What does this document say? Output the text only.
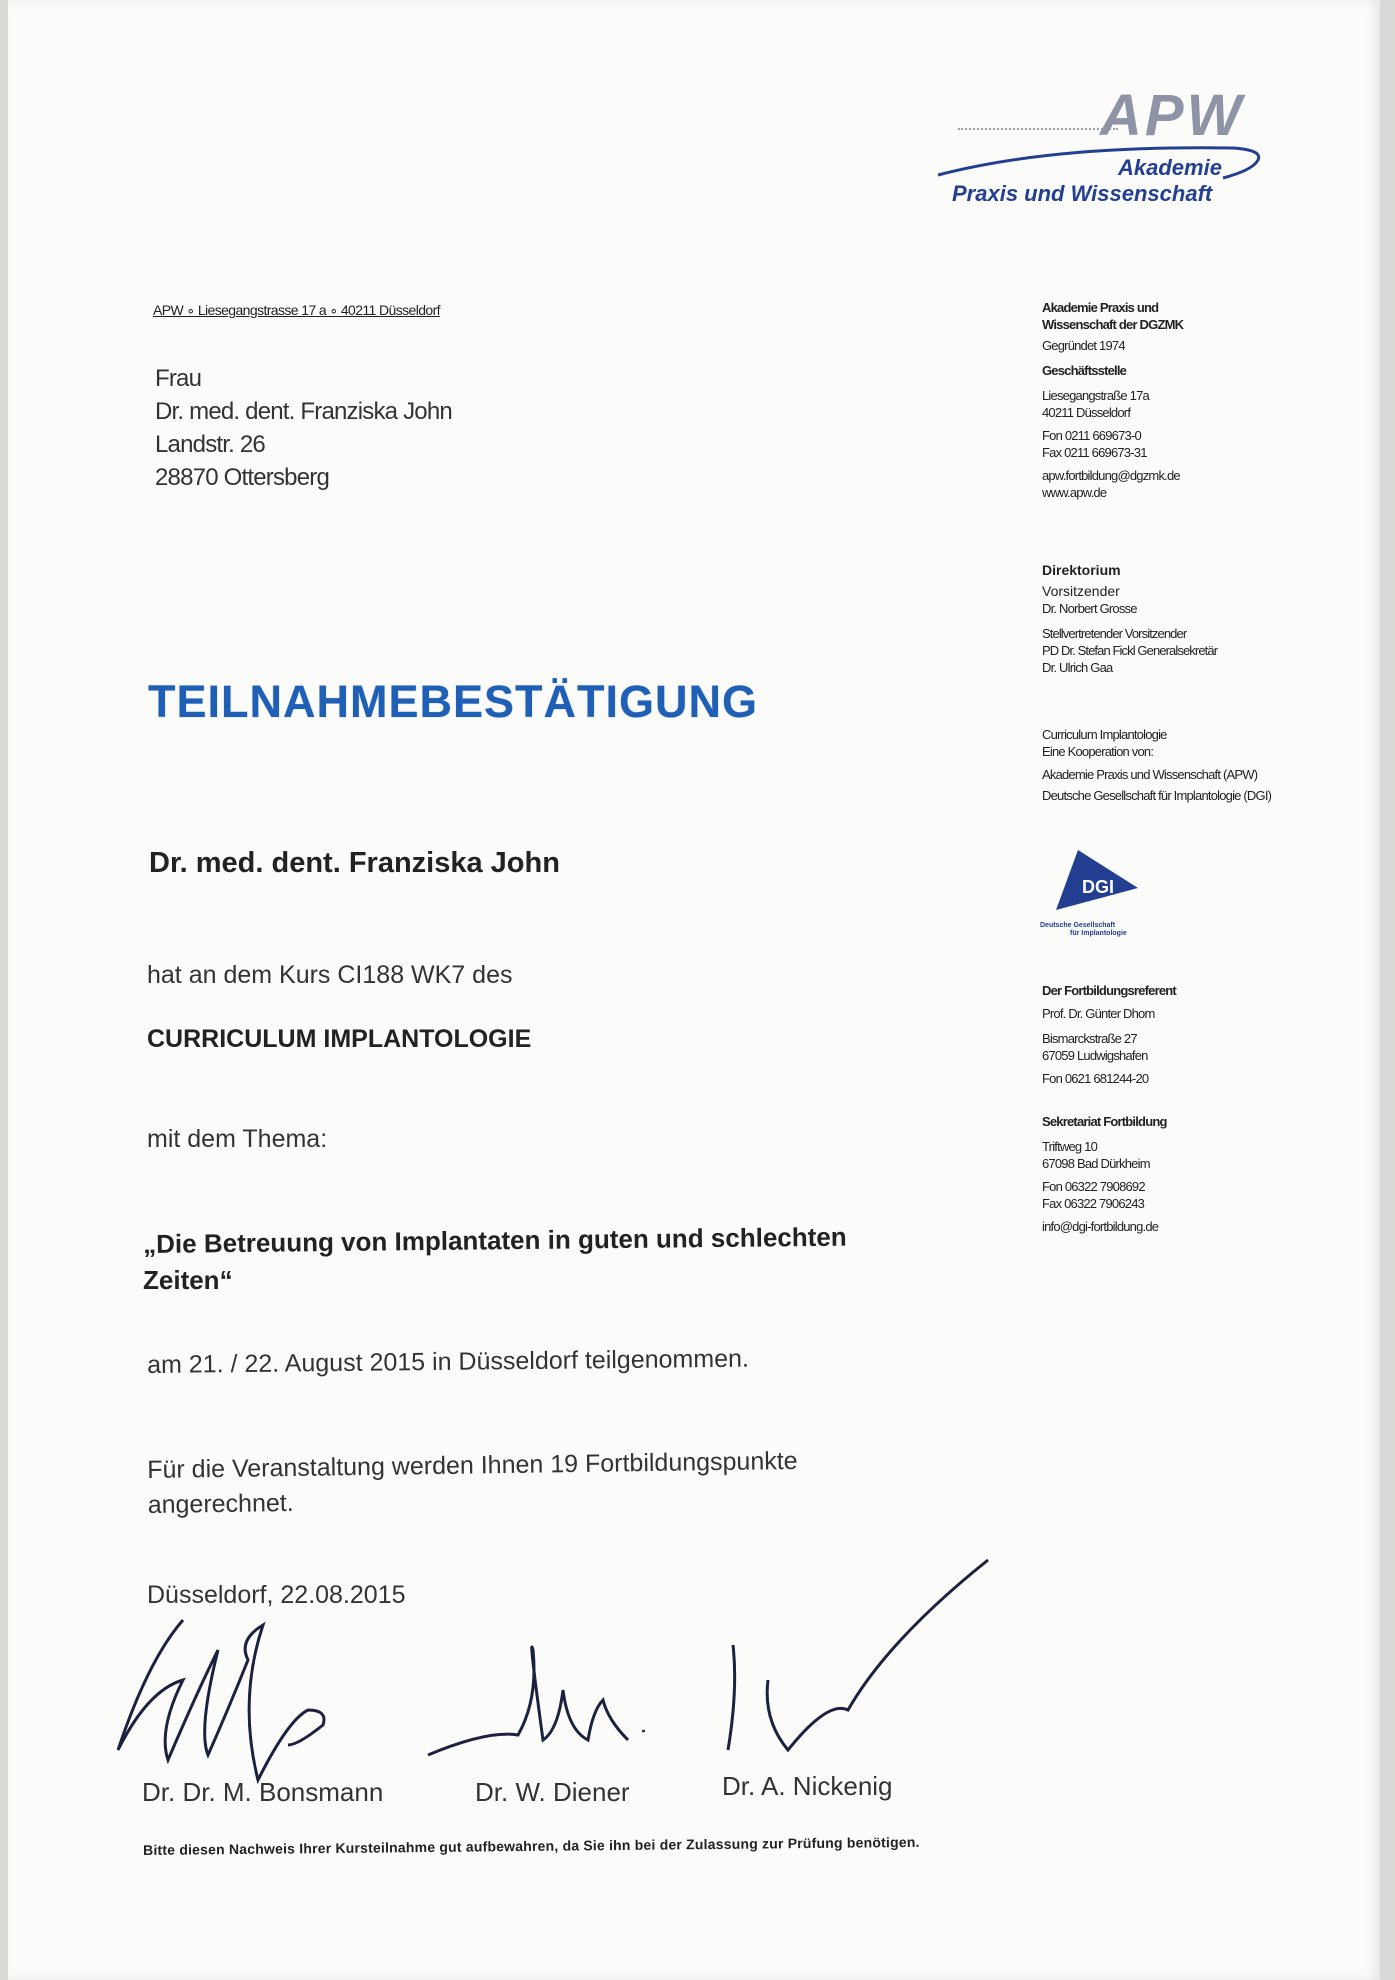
APW
Akademie
Praxis und Wissenschaft
APW ∘ Liesegangstrasse 17 a ∘ 40211 Düsseldorf
Frau
Dr. med. dent. Franziska John
Landstr. 26
28870 Ottersberg
Akademie Praxis und
Wissenschaft der DGZMK
Gegründet 1974
Geschäftsstelle
Liesegangstraße 17a
40211 Düsseldorf
Fon 0211 669673-0
Fax 0211 669673-31
apw.fortbildung@dgzmk.de
www.apw.de
Direktorium
Vorsitzender
Dr. Norbert Grosse
Stellvertretender Vorsitzender
PD Dr. Stefan Fickl Generalsekretär
Dr. Ulrich Gaa
Curriculum Implantologie
Eine Kooperation von:
Akademie Praxis und Wissenschaft (APW)
Deutsche Gesellschaft für Implantologie (DGI)
DGI
Deutsche Gesellschaft
für Implantologie
Der Fortbildungsreferent
Prof. Dr. Günter Dhom
Bismarckstraße 27
67059 Ludwigshafen
Fon 0621 681244-20
Sekretariat Fortbildung
Triftweg 10
67098 Bad Dürkheim
Fon 06322 7908692
Fax 06322 7906243
info@dgi-fortbildung.de
TEILNAHMEBESTÄTIGUNG
Dr. med. dent. Franziska John
hat an dem Kurs CI188 WK7 des
CURRICULUM IMPLANTOLOGIE
mit dem Thema:
„Die Betreuung von Implantaten in guten und schlechten
Zeiten“
am 21. / 22. August 2015 in Düsseldorf teilgenommen.
Für die Veranstaltung werden Ihnen 19 Fortbildungspunkte
angerechnet.
Düsseldorf, 22.08.2015
Dr. Dr. M. Bonsmann	Dr. W. Diener	Dr. A. Nickenig
Bitte diesen Nachweis Ihrer Kursteilnahme gut aufbewahren, da Sie ihn bei der Zulassung zur Prüfung benötigen.
